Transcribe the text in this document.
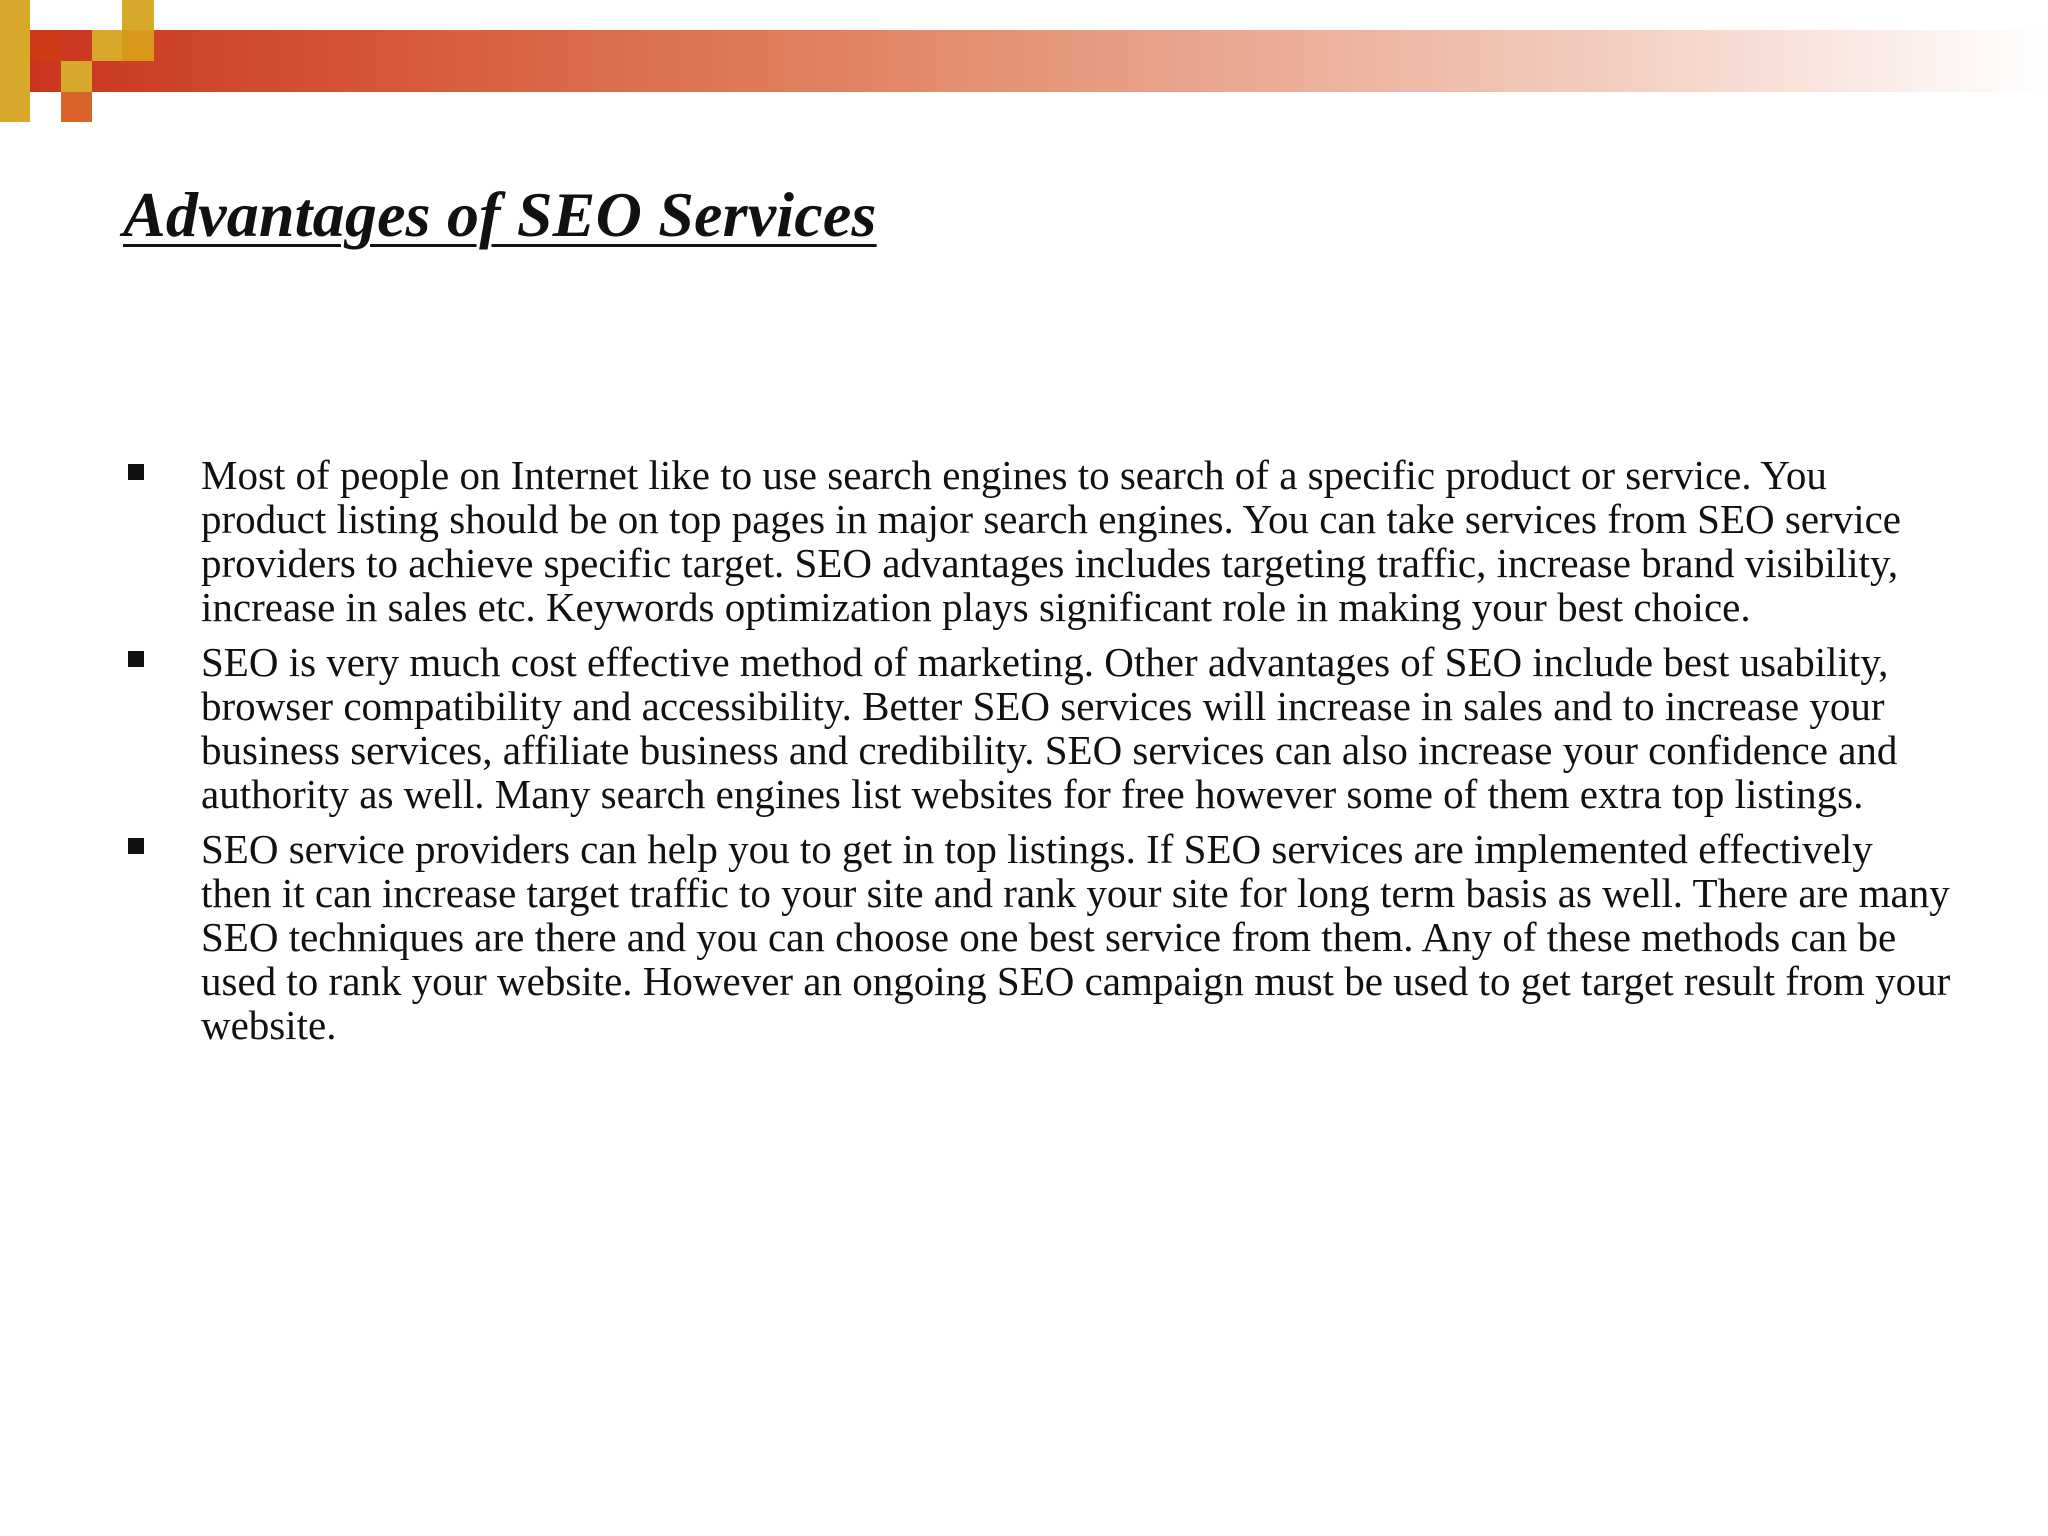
Advantages of SEO Services
Most of people on Internet like to use search engines to search of a specific product or service. You product listing should be on top pages in major search engines. You can take services from SEO service providers to achieve specific target. SEO advantages includes targeting traffic, increase brand visibility, increase in sales etc. Keywords optimization plays significant role in making your best choice.
SEO is very much cost effective method of marketing. Other advantages of SEO include best usability, browser compatibility and accessibility. Better SEO services will increase in sales and to increase your business services, affiliate business and credibility. SEO services can also increase your confidence and authority as well. Many search engines list websites for free however some of them extra top listings.
SEO service providers can help you to get in top listings. If SEO services are implemented effectively then it can increase target traffic to your site and rank your site for long term basis as well. There are many SEO techniques are there and you can choose one best service from them. Any of these methods can be used to rank your website. However an ongoing SEO campaign must be used to get target result from your website.
